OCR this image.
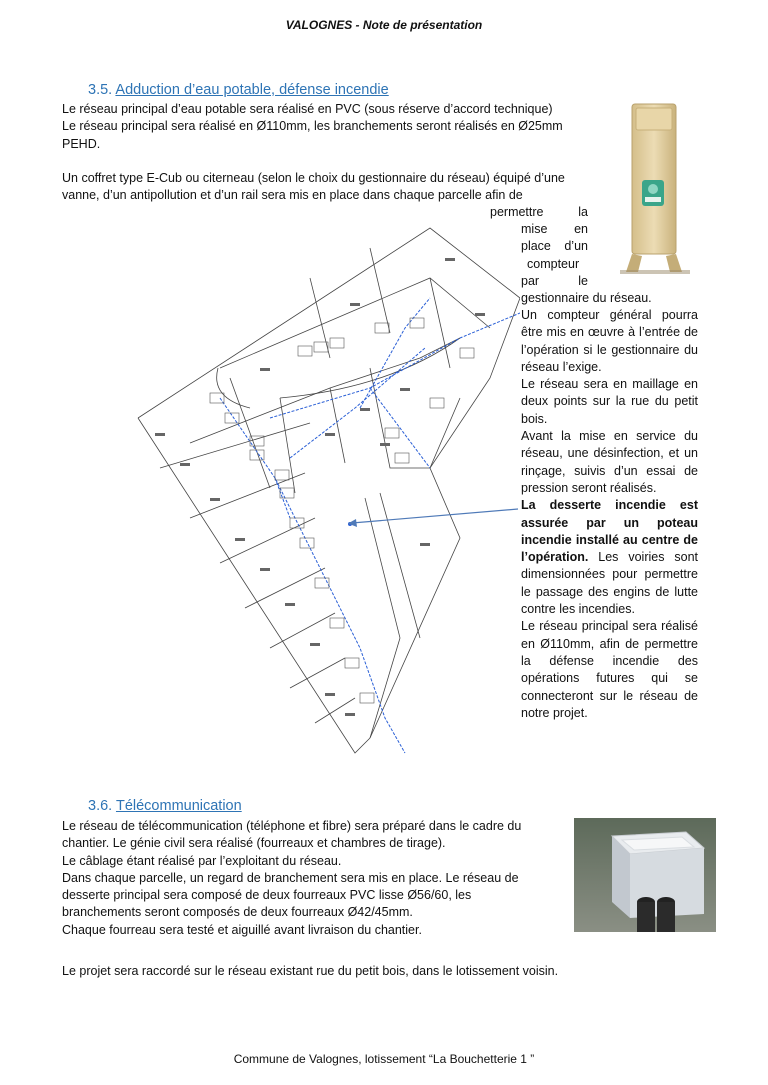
VALOGNES - Note de présentation
3.5. Adduction d’eau potable, défense incendie
Le réseau principal d’eau potable sera réalisé en PVC (sous réserve d’accord technique)
Le réseau principal sera réalisé en Ø110mm, les branchements seront réalisés en Ø25mm
PEHD.
Un coffret type E-Cub ou citerneau (selon le choix du gestionnaire du réseau) équipé d’une
vanne, d’un antipollution et d’un rail sera mis en place dans chaque parcelle afin de
permettre la
mise en
place d’un
compteur
par le
gestionnaire du réseau.
Un compteur général pourra être mis en œuvre à l’entrée de l’opération si le gestionnaire du réseau l’exige.
Le réseau sera en maillage en deux points sur la rue du petit bois.
Avant la mise en service du réseau, une désinfection, et un rinçage, suivis d’un essai de pression seront réalisés.
La desserte incendie est assurée par un poteau incendie installé au centre de l’opération. Les voiries sont dimensionnées pour permettre le passage des engins de lutte contre les incendies.
Le réseau principal sera réalisé en Ø110mm, afin de permettre la défense incendie des opérations futures qui se connecteront sur le réseau de notre projet.
3.6. Télécommunication
Le réseau de télécommunication (téléphone et fibre) sera préparé dans le cadre du
chantier. Le génie civil sera réalisé (fourreaux et chambres de tirage).
Le câblage étant réalisé par l’exploitant du réseau.
Dans chaque parcelle, un regard de branchement sera mis en place. Le réseau de
desserte principal sera composé de deux fourreaux PVC lisse Ø56/60, les
branchements seront composés de deux fourreaux Ø42/45mm.
Chaque fourreau sera testé et aiguillé avant livraison du chantier.
Le projet sera raccordé sur le réseau existant rue du petit bois, dans le lotissement voisin.
Commune de Valognes, lotissement “La Bouchetterie 1 ”
